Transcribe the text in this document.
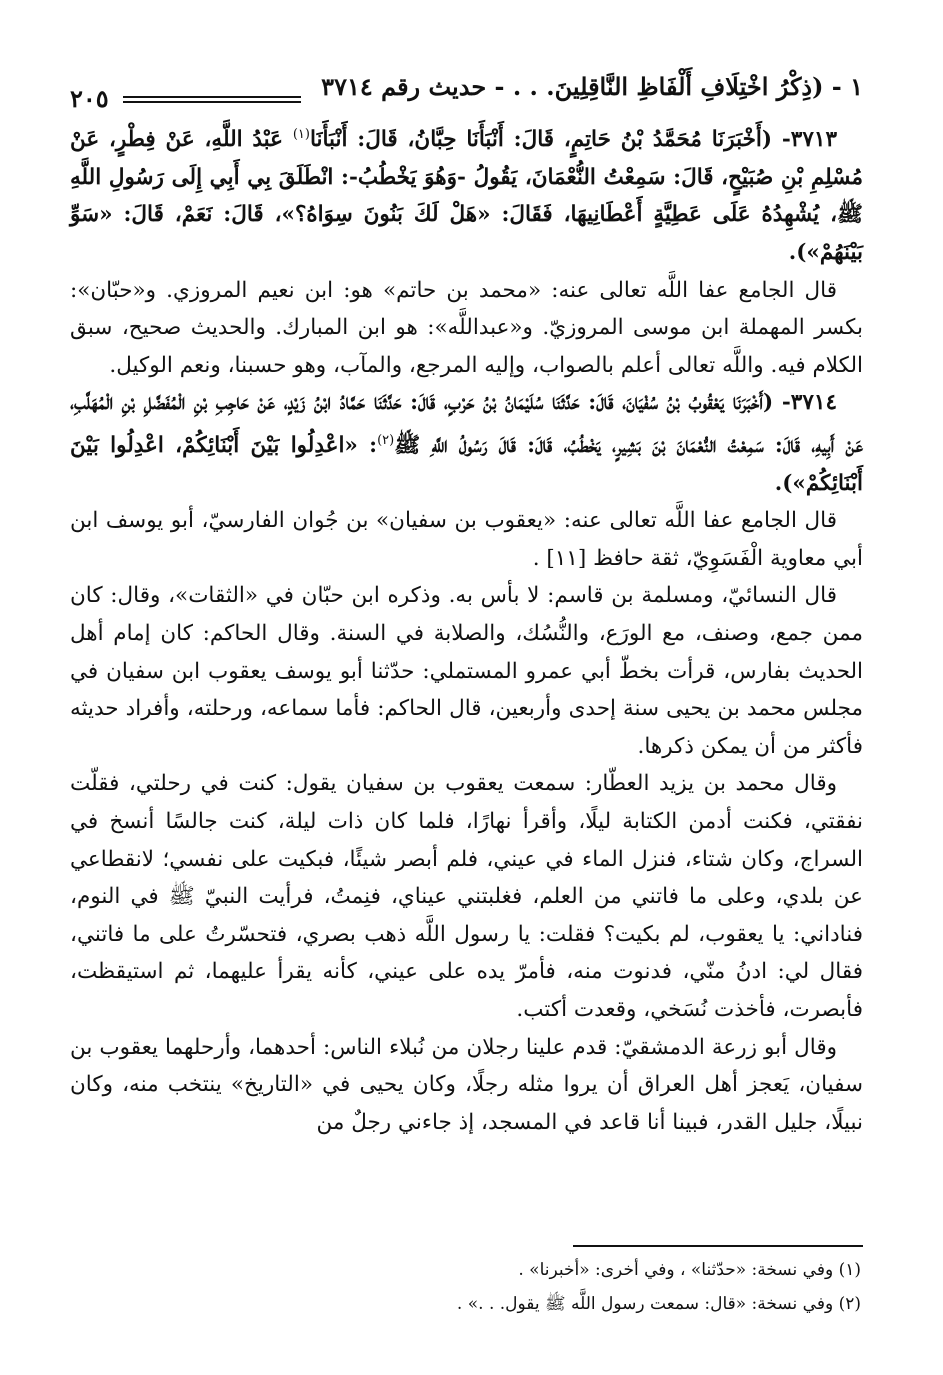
١ - (ذِكْرُ اخْتِلَافِ أَلْفَاظِ النَّاقِلِينَ. . . - حديث رقم ٣٧١٤
٢٠٥

٣٧١٣- (أَخْبَرَنَا مُحَمَّدُ بْنُ حَاتِمٍ، قَالَ: أَنْبَأَنَا حِبَّانُ، قَالَ: أَنْبَأَنَا$^{(١)}$ عَبْدُ اللَّهِ، عَنْ فِطْرٍ، عَنْ مُسْلِمِ بْنِ صُبَيْحٍ، قَالَ: سَمِعْتُ النُّعْمَانَ، يَقُولُ -وَهُوَ يَخْطُبُ-: انْطَلَقَ بِي أَبِي إِلَى رَسُولِ اللَّهِ ﷺ، يُشْهِدُهُ عَلَى عَطِيَّةٍ أَعْطَانِيهَا، فَقَالَ: «هَلْ لَكَ بَنُونَ سِوَاهُ؟»، قَالَ: نَعَمْ، قَالَ: «سَوِّ بَيْنَهُمْ»).

قال الجامع عفا اللَّه تعالى عنه: «محمد بن حاتم» هو: ابن نعيم المروزي. و«حبّان»: بكسر المهملة ابن موسى المروزيّ. و«عبداللَّه»: هو ابن المبارك. والحديث صحيح، سبق الكلام فيه. واللَّه تعالى أعلم بالصواب، وإليه المرجع، والمآب، وهو حسبنا، ونعم الوكيل.

٣٧١٤- (أَخْبَرَنَا يَعْقُوبُ بْنُ سُفْيَانَ، قَالَ: حَدَّثَنَا سُلَيْمَانُ بْنُ حَرْبٍ، قَالَ: حَدَّثَنَا حَمَّادُ ابْنُ زَيْدٍ، عَنْ حَاجِبِ بْنِ الْمُفَضَّلِ بْنِ الْمُهَلَّبِ، عَنْ أَبِيهِ، قَالَ: سَمِعْتُ النُّعْمَانَ بْنَ بَشِيرٍ، يَخْطُبُ، قَالَ: قَالَ رَسُولُ اللَّهِ ﷺ$^{(٢)}$: «اعْدِلُوا بَيْنَ أَبْنَائِكُمْ، اعْدِلُوا بَيْنَ أَبْنَائِكُمْ»).

قال الجامع عفا اللَّه تعالى عنه: «يعقوب بن سفيان» بن جُوان الفارسيّ، أبو يوسف ابن أبي معاوية الْفَسَوِيّ، ثقة حافظ [١١] .

قال النسائيّ، ومسلمة بن قاسم: لا بأس به. وذكره ابن حبّان في «الثقات»، وقال: كان ممن جمع، وصنف، مع الورَع، والنُّسُك، والصلابة في السنة. وقال الحاكم: كان إمام أهل الحديث بفارس، قرأت بخطّ أبي عمرو المستملي: حدّثنا أبو يوسف يعقوب ابن سفيان في مجلس محمد بن يحيى سنة إحدى وأربعين، قال الحاكم: فأما سماعه، ورحلته، وأفراد حديثه فأكثر من أن يمكن ذكرها.

وقال محمد بن يزيد العطّار: سمعت يعقوب بن سفيان يقول: كنت في رحلتي، فقلّت نفقتي، فكنت أدمن الكتابة ليلًا، وأقرأ نهارًا، فلما كان ذات ليلة، كنت جالسًا أنسخ في السراج، وكان شتاء، فنزل الماء في عيني، فلم أبصر شيئًا، فبكيت على نفسي؛ لانقطاعي عن بلدي، وعلى ما فاتني من العلم، فغلبتني عيناي، فنِمتُ، فرأيت النبيّ ﷺ في النوم، فناداني: يا يعقوب، لم بكيت؟ فقلت: يا رسول اللَّه ذهب بصري، فتحسّرتُ على ما فاتني، فقال لي: ادنُ منّي، فدنوت منه، فأمرّ يده على عيني، كأنه يقرأ عليهما، ثم استيقظت، فأبصرت، فأخذت نُسَخي، وقعدت أكتب.

وقال أبو زرعة الدمشقيّ: قدم علينا رجلان من نُبلاء الناس: أحدهما، وأرحلهما يعقوب بن سفيان، يَعجز أهل العراق أن يروا مثله رجلًا، وكان يحيى في «التاريخ» ينتخب منه، وكان نبيلًا، جليل القدر، فبينا أنا قاعد في المسجد، إذ جاءني رجلٌ من

(١) وفي نسخة: «حدّثنا» ، وفي أخرى: «أخبرنا» .

(٢) وفي نسخة: «قال: سمعت رسول اللَّه ﷺ يقول. . .» .
